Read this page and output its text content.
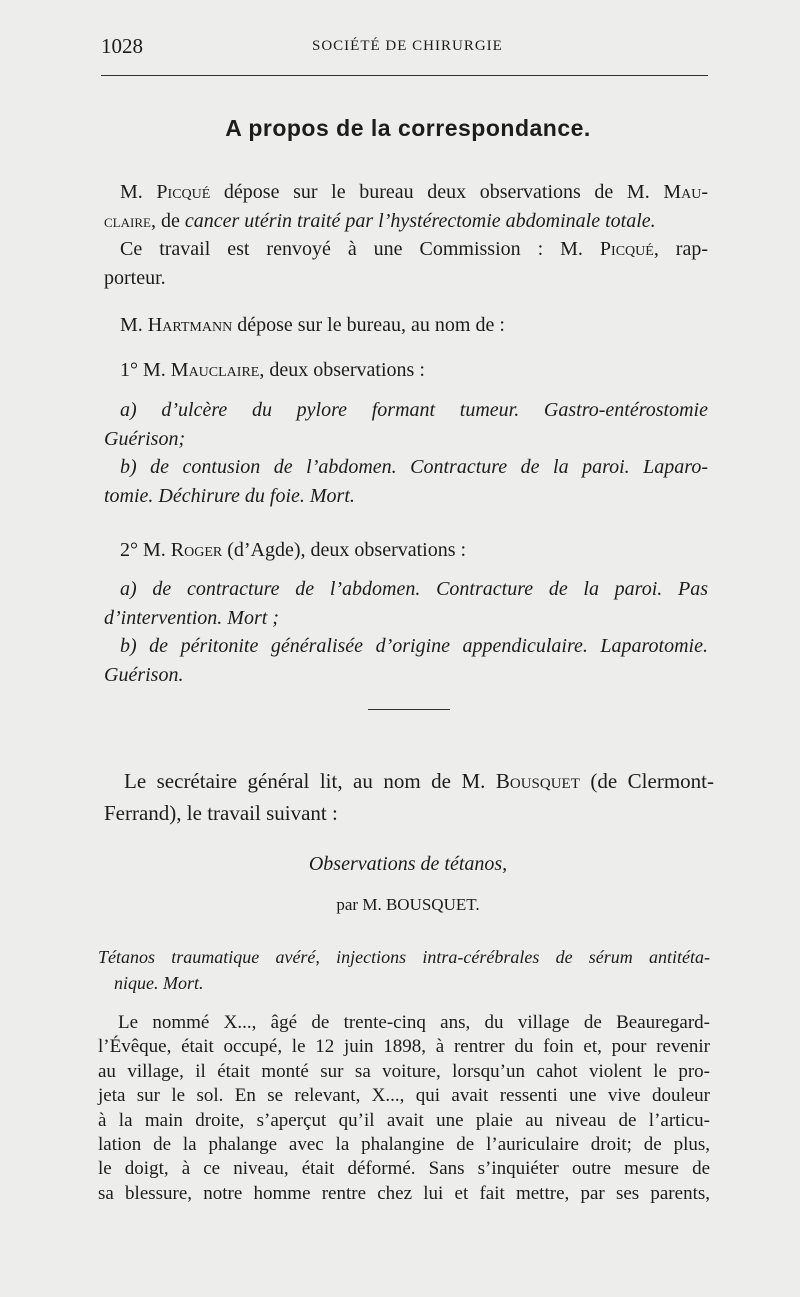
1028	SOCIÉTÉ DE CHIRURGIE
A propos de la correspondance.
M. Picqué dépose sur le bureau deux observations de M. Mau-
claire, de cancer utérin traité par l’hystérectomie abdominale totale.
Ce travail est renvoyé à une Commission : M. Picqué, rap-
porteur.
M. Hartmann dépose sur le bureau, au nom de :
1° M. Mauclaire, deux observations :
a) d’ulcère du pylore formant tumeur. Gastro-entérostomie
Guérison;
b) de contusion de l’abdomen. Contracture de la paroi. Laparo-
tomie. Déchirure du foie. Mort.
2° M. Roger (d’Agde), deux observations :
a) de contracture de l’abdomen. Contracture de la paroi. Pas
d’intervention. Mort ;
b) de péritonite généralisée d’origine appendiculaire. Laparotomie.
Guérison.
Le secrétaire général lit, au nom de M. Bousquet (de Clermont-
Ferrand), le travail suivant :
Observations de tétanos,
par M. BOUSQUET.
Tétanos traumatique avéré, injections intra-cérébrales de sérum antitéta-
nique. Mort.
Le nommé X..., âgé de trente-cinq ans, du village de Beauregard-
l’Évêque, était occupé, le 12 juin 1898, à rentrer du foin et, pour revenir
au village, il était monté sur sa voiture, lorsqu’un cahot violent le pro-
jeta sur le sol. En se relevant, X..., qui avait ressenti une vive douleur
à la main droite, s’aperçut qu’il avait une plaie au niveau de l’articu-
lation de la phalange avec la phalangine de l’auriculaire droit; de plus,
le doigt, à ce niveau, était déformé. Sans s’inquiéter outre mesure de
sa blessure, notre homme rentre chez lui et fait mettre, par ses parents,
